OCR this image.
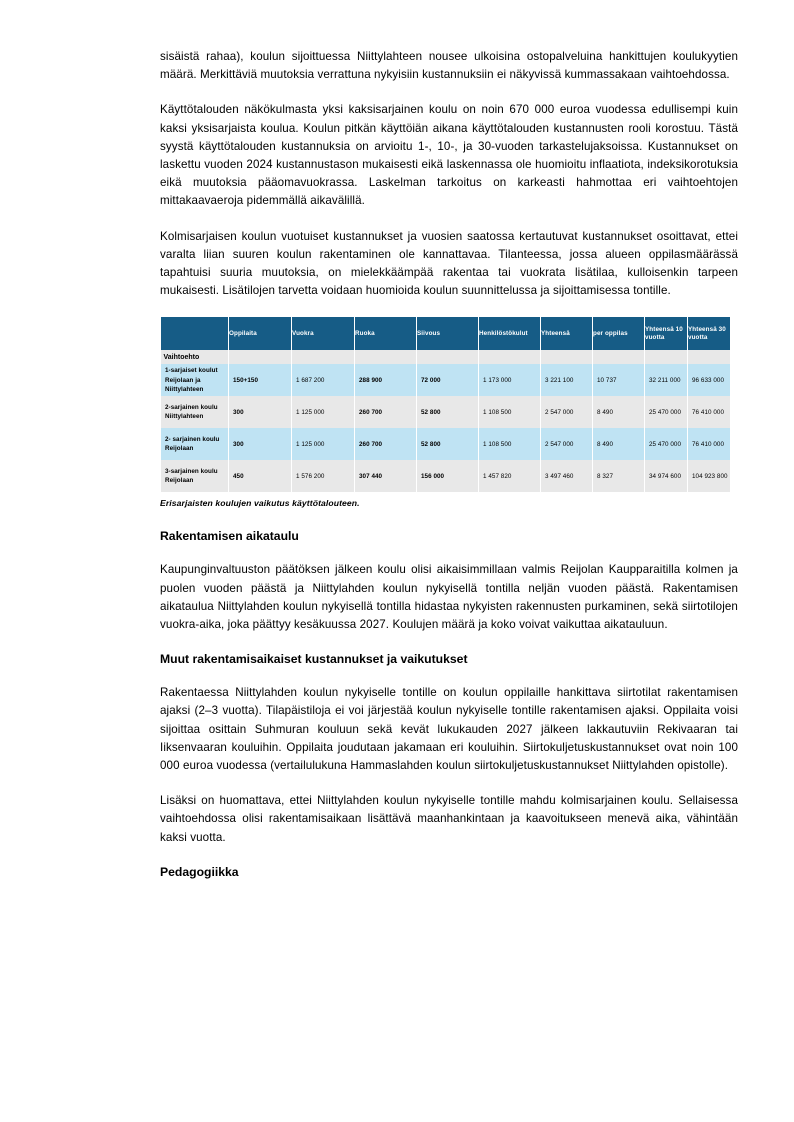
sisäistä rahaa), koulun sijoittuessa Niittylahteen nousee ulkoisina ostopalveluina hankittujen koulukyytien määrä. Merkittäviä muutoksia verrattuna nykyisiin kustannuksiin ei näkyvissä kummassakaan vaihtoehdossa.

Käyttötalouden näkökulmasta yksi kaksisarjainen koulu on noin 670 000 euroa vuodessa edullisempi kuin kaksi yksisarjaista koulua. Koulun pitkän käyttöiän aikana käyttötalouden kustannusten rooli korostuu. Tästä syystä käyttötalouden kustannuksia on arvioitu 1-, 10-, ja 30-vuoden tarkastelujaksoissa. Kustannukset on laskettu vuoden 2024 kustannustason mukaisesti eikä laskennassa ole huomioitu inflaatiota, indeksikorotuksia eikä muutoksia pääomavuokrassa. Laskelman tarkoitus on karkeasti hahmottaa eri vaihtoehtojen mittakaavaeroja pidemmällä aikavälillä.

Kolmisarjaisen koulun vuotuiset kustannukset ja vuosien saatossa kertautuvat kustannukset osoittavat, ettei varalta liian suuren koulun rakentaminen ole kannattavaa. Tilanteessa, jossa alueen oppilasmäärässä tapahtuisi suuria muutoksia, on mielekkäämpää rakentaa tai vuokrata lisätilaa, kulloisenkin tarpeen mukaisesti. Lisätilojen tarvetta voidaan huomioida koulun suunnittelussa ja sijoittamisessa tontille.

	Oppilaita	Vuokra	Ruoka	Siivous	Henkilöstökulut	Yhteensä	per oppilas	Yhteensä 10 vuotta	Yhteensä 30 vuotta
Vaihtoehto									
1-sarjaiset koulut Reijolaan ja Niittylahteen	150+150	1 687 200	288 900	72 000	1 173 000	3 221 100	10 737	32 211 000	96 633 000
2-sarjainen koulu Niittylahteen	300	1 125 000	260 700	52 800	1 108 500	2 547 000	8 490	25 470 000	76 410 000
2- sarjainen koulu Reijolaan	300	1 125 000	260 700	52 800	1 108 500	2 547 000	8 490	25 470 000	76 410 000
3-sarjainen koulu Reijolaan	450	1 576 200	307 440	156 000	1 457 820	3 497 460	8 327	34 974 600	104 923 800
Erisarjaisten koulujen vaikutus käyttötalouteen.
Rakentamisen aikataulu

Kaupunginvaltuuston päätöksen jälkeen koulu olisi aikaisimmillaan valmis Reijolan Kaupparaitilla kolmen ja puolen vuoden päästä ja Niittylahden koulun nykyisellä tontilla neljän vuoden päästä. Rakentamisen aikataulua Niittylahden koulun nykyisellä tontilla hidastaa nykyisten rakennusten purkaminen, sekä siirtotilojen vuokra-aika, joka päättyy kesäkuussa 2027. Koulujen määrä ja koko voivat vaikuttaa aikatauluun.

Muut rakentamisaikaiset kustannukset ja vaikutukset

Rakentaessa Niittylahden koulun nykyiselle tontille on koulun oppilaille hankittava siirtotilat rakentamisen ajaksi (2–3 vuotta). Tilapäistiloja ei voi järjestää koulun nykyiselle tontille rakentamisen ajaksi. Oppilaita voisi sijoittaa osittain Suhmuran kouluun sekä kevät lukukauden 2027 jälkeen lakkautuviin Rekivaaran tai Iiksenvaaran kouluihin. Oppilaita joudutaan jakamaan eri kouluihin. Siirtokuljetuskustannukset ovat noin 100 000 euroa vuodessa (vertailulukuna Hammaslahden koulun siirtokuljetuskustannukset Niittylahden opistolle).

Lisäksi on huomattava, ettei Niittylahden koulun nykyiselle tontille mahdu kolmisarjainen koulu. Sellaisessa vaihtoehdossa olisi rakentamisaikaan lisättävä maanhankintaan ja kaavoitukseen menevä aika, vähintään kaksi vuotta.

Pedagogiikka
